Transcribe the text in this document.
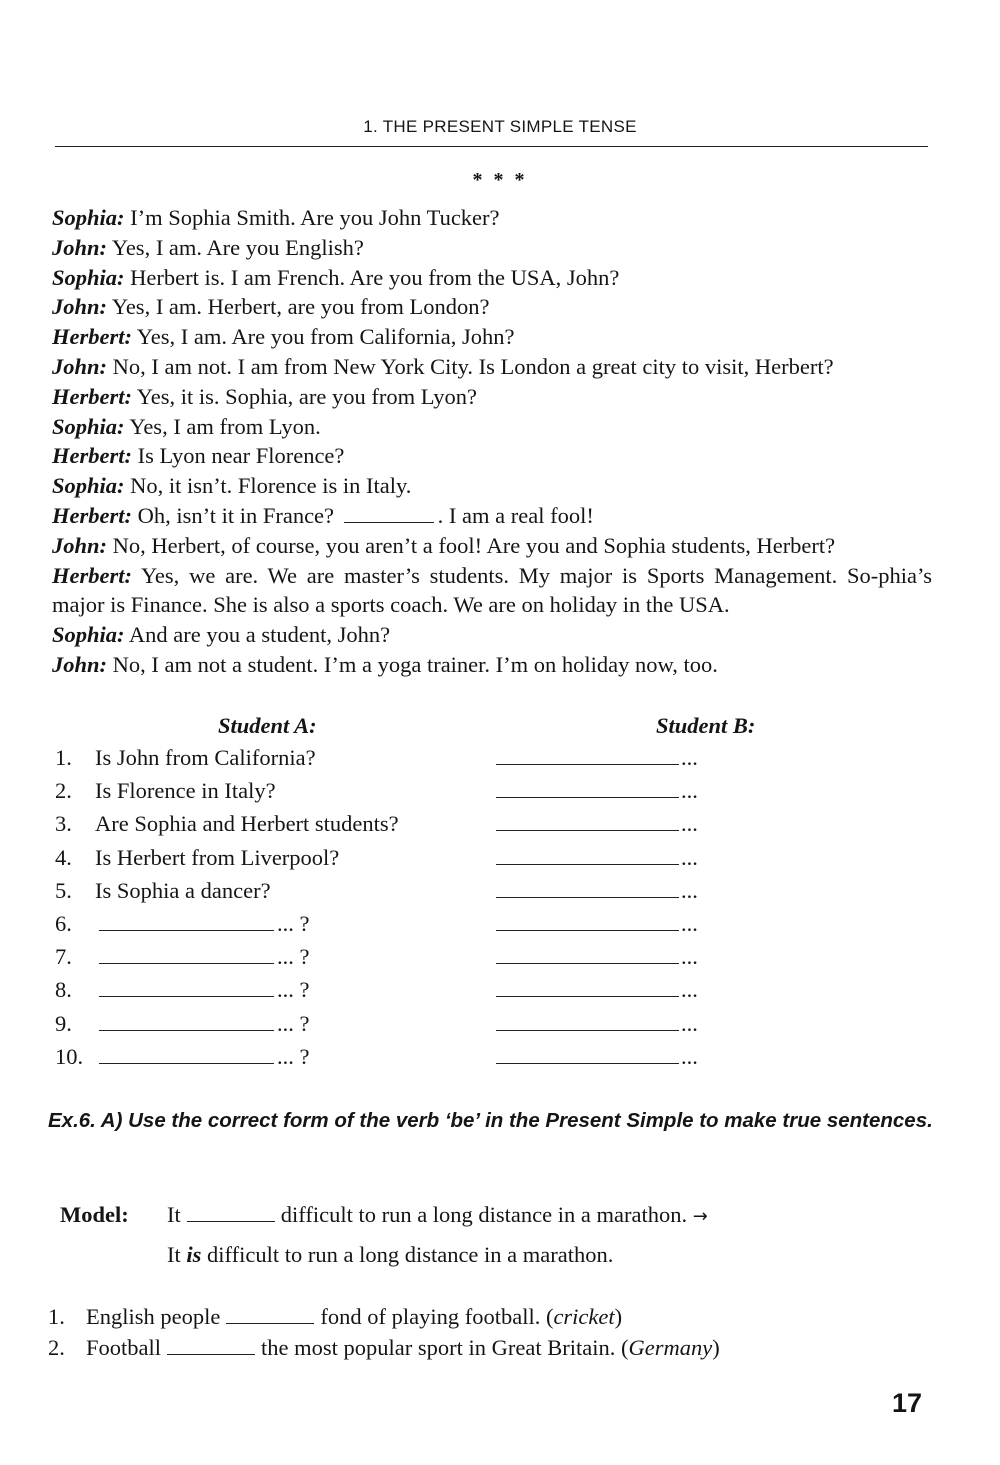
1. THE PRESENT SIMPLE TENSE
* * *
Sophia: I’m Sophia Smith. Are you John Tucker?
John: Yes, I am. Are you English?
Sophia: Herbert is. I am French. Are you from the USA, John?
John: Yes, I am. Herbert, are you from London?
Herbert: Yes, I am. Are you from California, John?
John: No, I am not. I am from New York City. Is London a great city to visit, Herbert?
Herbert: Yes, it is. Sophia, are you from Lyon?
Sophia: Yes, I am from Lyon.
Herbert: Is Lyon near Florence?
Sophia: No, it isn’t. Florence is in Italy.
Herbert: Oh, isn’t it in France?	. I am a real fool!
John: No, Herbert, of course, you aren’t a fool! Are you and Sophia students, Herbert?
Herbert: Yes, we are. We are master’s students. My major is Sports Management. So-phia’s major is Finance. She is also a sports coach. We are on holiday in the USA.
Sophia: And are you a student, John?
John: No, I am not a student. I’m a yoga trainer. I’m on holiday now, too.
Student A:	Student B:
1. Is John from California?	...
2. Is Florence in Italy?	...
3. Are Sophia and Herbert students?	...
4. Is Herbert from Liverpool?	...
5. Is Sophia a dancer?	...
6.	... ?	...
7.	... ?	...
8.	... ?	...
9.	... ?	...
10.	... ?	...
Ex.6. A) Use the correct form of the verb ‘be’ in the Present Simple to make true sentences.
Model: It	difficult to run a long distance in a marathon. →
It is difficult to run a long distance in a marathon.
1. English people	fond of playing football. (cricket)
2. Football	the most popular sport in Great Britain. (Germany)
17
